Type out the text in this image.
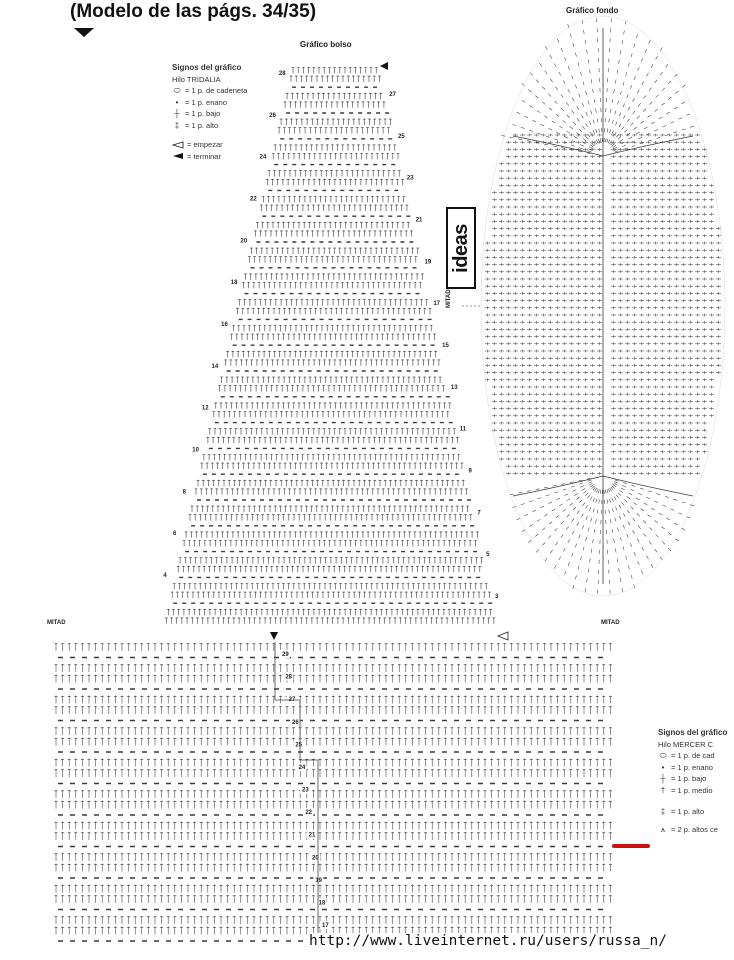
(Modelo de las págs. 34/35)
Gráfico bolso
Gráfico fondo
Signos del gráfico
Hilo TRIDALIA
⬭ = 1 p. de cadeneta
• = 1 p. enano
┼ = 1 p. bajo
‡ = 1 p. alto
= empezar
= terminar
Signos del gráfico
Hilo MERCER C
⬭ = 1 p. de cad
• = 1 p. enano
┼ = 1 p. bajo
† = 1 p. medio
‡ = 1 p. alto
⩚ = 2 p. altos ce
ideas
28
27
26
25
24
23
22
21
20
19
18
17
16
15
14
13
12
11
10
9
8
7
6
5
4
3
29
28
27
26
25
24
23
22
21
20
19
18
17
MITAD	MITAD
MITAD
http://www.liveinternet.ru/users/russa_n/
